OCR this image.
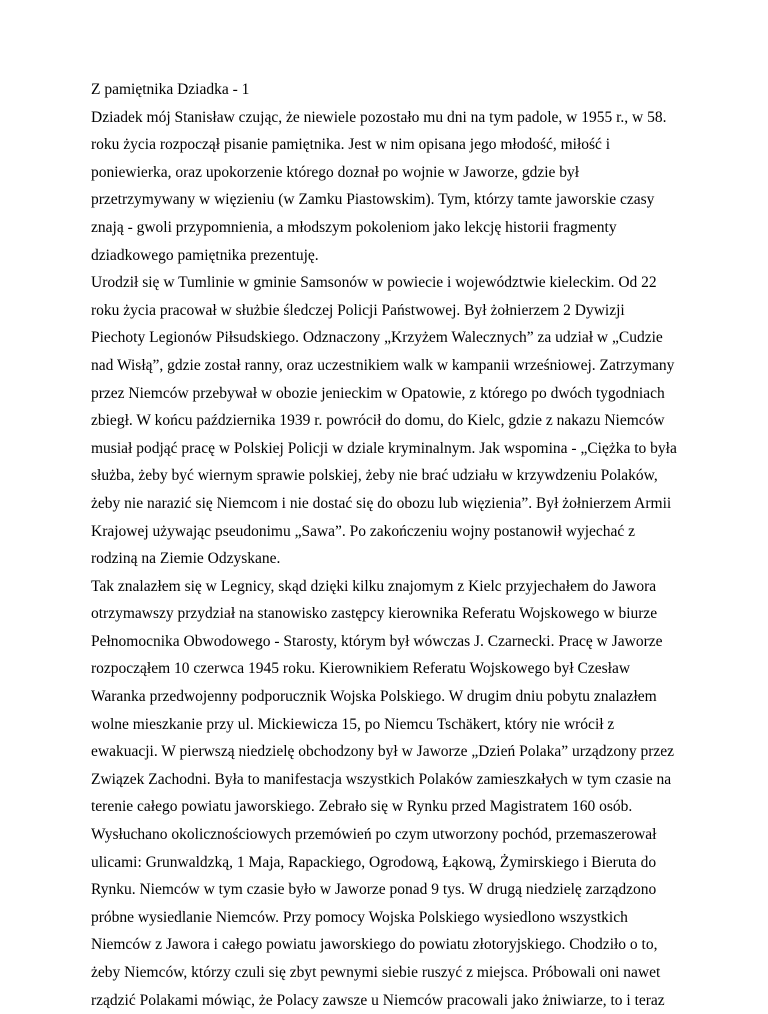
Z pamiętnika Dziadka - 1
Dziadek mój Stanisław czując, że niewiele pozostało mu dni na tym padole, w 1955 r., w 58.
roku życia rozpoczął pisanie pamiętnika. Jest w nim opisana jego młodość, miłość i
poniewierka, oraz upokorzenie którego doznał po wojnie w Jaworze, gdzie był
przetrzymywany w więzieniu (w Zamku Piastowskim). Tym, którzy tamte jaworskie czasy
znają - gwoli przypomnienia, a młodszym pokoleniom jako lekcję historii fragmenty
dziadkowego pamiętnika prezentuję.
Urodził się w Tumlinie w gminie Samsonów w powiecie i województwie kieleckim. Od 22
roku życia pracował w służbie śledczej Policji Państwowej. Był żołnierzem 2 Dywizji
Piechoty Legionów Piłsudskiego. Odznaczony „Krzyżem Walecznych” za udział w „Cudzie
nad Wisłą”, gdzie został ranny, oraz uczestnikiem walk w kampanii wrześniowej. Zatrzymany
przez Niemców przebywał w obozie jenieckim w Opatowie, z którego po dwóch tygodniach
zbiegł. W końcu października 1939 r. powrócił do domu, do Kielc, gdzie z nakazu Niemców
musiał podjąć pracę w Polskiej Policji w dziale kryminalnym. Jak wspomina - „Ciężka to była
służba, żeby być wiernym sprawie polskiej, żeby nie brać udziału w krzywdzeniu Polaków,
żeby nie narazić się Niemcom i nie dostać się do obozu lub więzienia”. Był żołnierzem Armii
Krajowej używając pseudonimu „Sawa”. Po zakończeniu wojny postanowił wyjechać z
rodziną na Ziemie Odzyskane.
Tak znalazłem się w Legnicy, skąd dzięki kilku znajomym z Kielc przyjechałem do Jawora
otrzymawszy przydział na stanowisko zastępcy kierownika Referatu Wojskowego w biurze
Pełnomocnika Obwodowego - Starosty, którym był wówczas J. Czarnecki. Pracę w Jaworze
rozpocząłem 10 czerwca 1945 roku. Kierownikiem Referatu Wojskowego był Czesław
Waranka przedwojenny podporucznik Wojska Polskiego. W drugim dniu pobytu znalazłem
wolne mieszkanie przy ul. Mickiewicza 15, po Niemcu Tschäkert, który nie wrócił z
ewakuacji. W pierwszą niedzielę obchodzony był w Jaworze „Dzień Polaka” urządzony przez
Związek Zachodni. Była to manifestacja wszystkich Polaków zamieszkałych w tym czasie na
terenie całego powiatu jaworskiego. Zebrało się w Rynku przed Magistratem 160 osób.
Wysłuchano okolicznościowych przemówień po czym utworzony pochód, przemaszerował
ulicami: Grunwaldzką, 1 Maja, Rapackiego, Ogrodową, Łąkową, Żymirskiego i Bieruta do
Rynku. Niemców w tym czasie było w Jaworze ponad 9 tys. W drugą niedzielę zarządzono
próbne wysiedlanie Niemców. Przy pomocy Wojska Polskiego wysiedlono wszystkich
Niemców z Jawora i całego powiatu jaworskiego do powiatu złotoryjskiego. Chodziło o to,
żeby Niemców, którzy czuli się zbyt pewnymi siebie ruszyć z miejsca. Próbowali oni nawet
rządzić Polakami mówiąc, że Polacy zawsze u Niemców pracowali jako żniwiarze, to i teraz
